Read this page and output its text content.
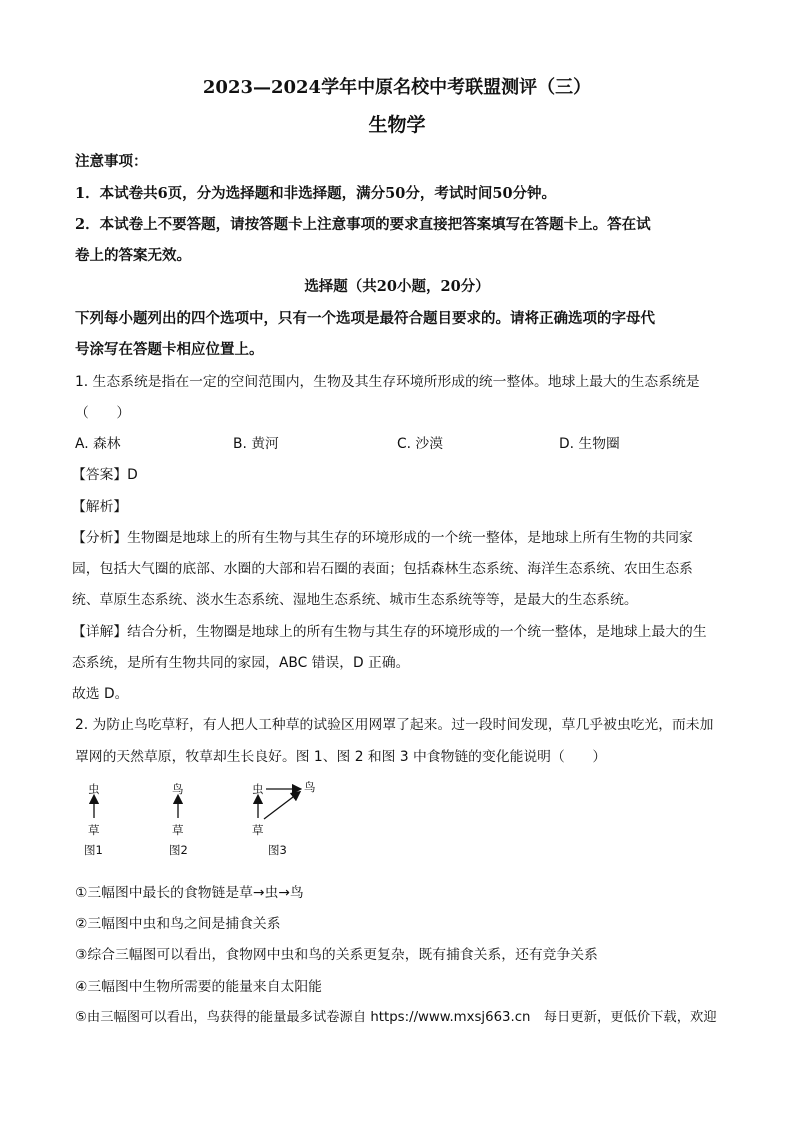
2023—2024学年中原名校中考联盟测评（三）
生物学
注意事项：
1．本试卷共6页，分为选择题和非选择题，满分50分，考试时间50分钟。
2．本试卷上不要答题，请按答题卡上注意事项的要求直接把答案填写在答题卡上。答在试
卷上的答案无效。
选择题（共20小题，20分）
下列每小题列出的四个选项中，只有一个选项是最符合题目要求的。请将正确选项的字母代
号涂写在答题卡相应位置上。
1. 生态系统是指在一定的空间范围内，生物及其生存环境所形成的统一整体。地球上最大的生态系统是
（　　）
A. 森林	B. 黄河	C. 沙漠	D. 生物圈
【答案】D
【解析】
【分析】生物圈是地球上的所有生物与其生存的环境形成的一个统一整体，是地球上所有生物的共同家
园，包括大气圈的底部、水圈的大部和岩石圈的表面；包括森林生态系统、海洋生态系统、农田生态系
统、草原生态系统、淡水生态系统、湿地生态系统、城市生态系统等等，是最大的生态系统。
【详解】结合分析，生物圈是地球上的所有生物与其生存的环境形成的一个统一整体，是地球上最大的生
态系统，是所有生物共同的家园，ABC 错误，D 正确。
故选 D。
2. 为防止鸟吃草籽，有人把人工种草的试验区用网罩了起来。过一段时间发现，草几乎被虫吃光，而未加
罩网的天然草原，牧草却生长良好。图 1、图 2 和图 3 中食物链的变化能说明（　　）
虫
草
图1
鸟
草
图2
虫	鸟
草
图3
①三幅图中最长的食物链是草→虫→鸟
②三幅图中虫和鸟之间是捕食关系
③综合三幅图可以看出，食物网中虫和鸟的关系更复杂，既有捕食关系，还有竞争关系
④三幅图中生物所需要的能量来自太阳能
⑤由三幅图可以看出，鸟获得的能量最多试卷源自 https://www.mxsj663.cn　每日更新，更低价下载，欢迎
